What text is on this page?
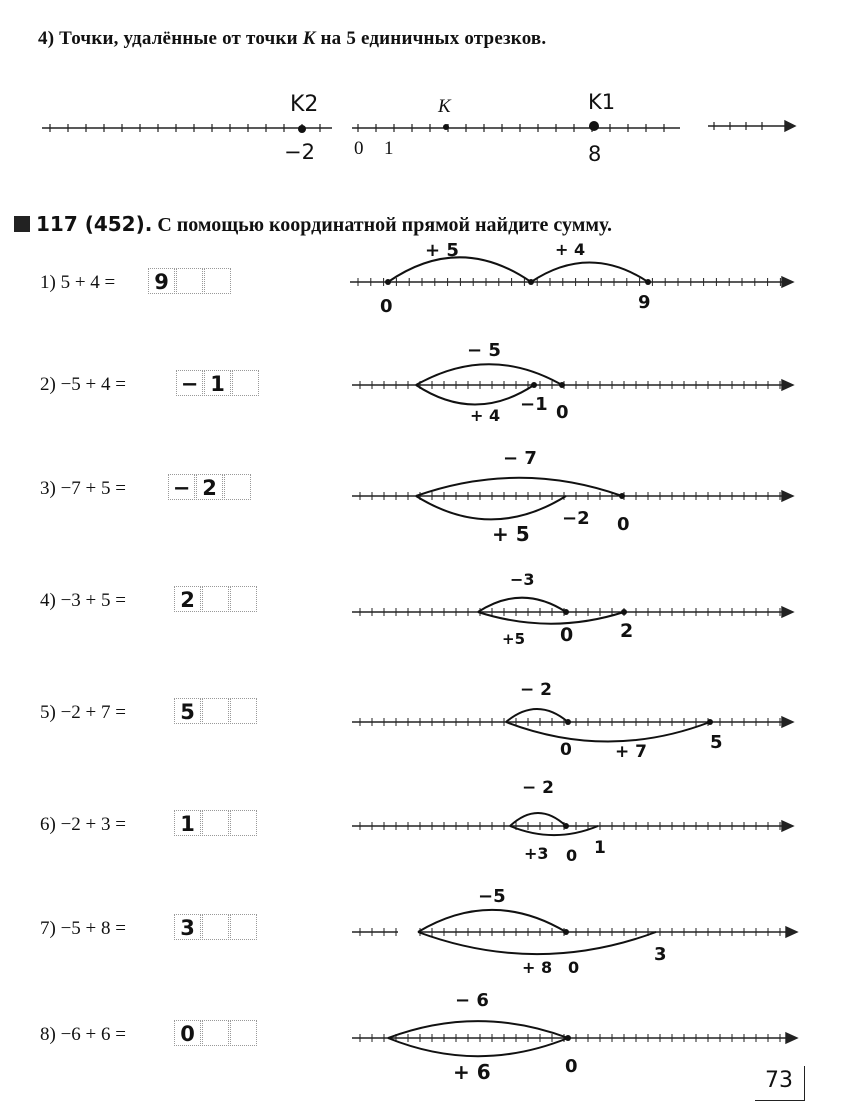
4) Точки, удалённые от точки K на 5 единичных отрезков.
K2	K	K1
−2 0 1	8
117 (452). С помощью координатной прямой найдите сумму.
1) 5 + 4 = 9
2) −5 + 4 =	− 1
3) −7 + 5 = − 2
4) −3 + 5 =	2
5) −2 + 7 =	5
6) −2 + 3 =	1
7) −5 + 8 =	3
8) −6 + 6 =	0
+ 5	+ 4
0	9
− 5
+ 4
−1 0
− 7
+ 5
−2 0
−3
+5 0 2
− 2
+ 7
0	5
− 2
+3 0 1
−5
+ 8 0
3
− 6
+ 6	0
73
